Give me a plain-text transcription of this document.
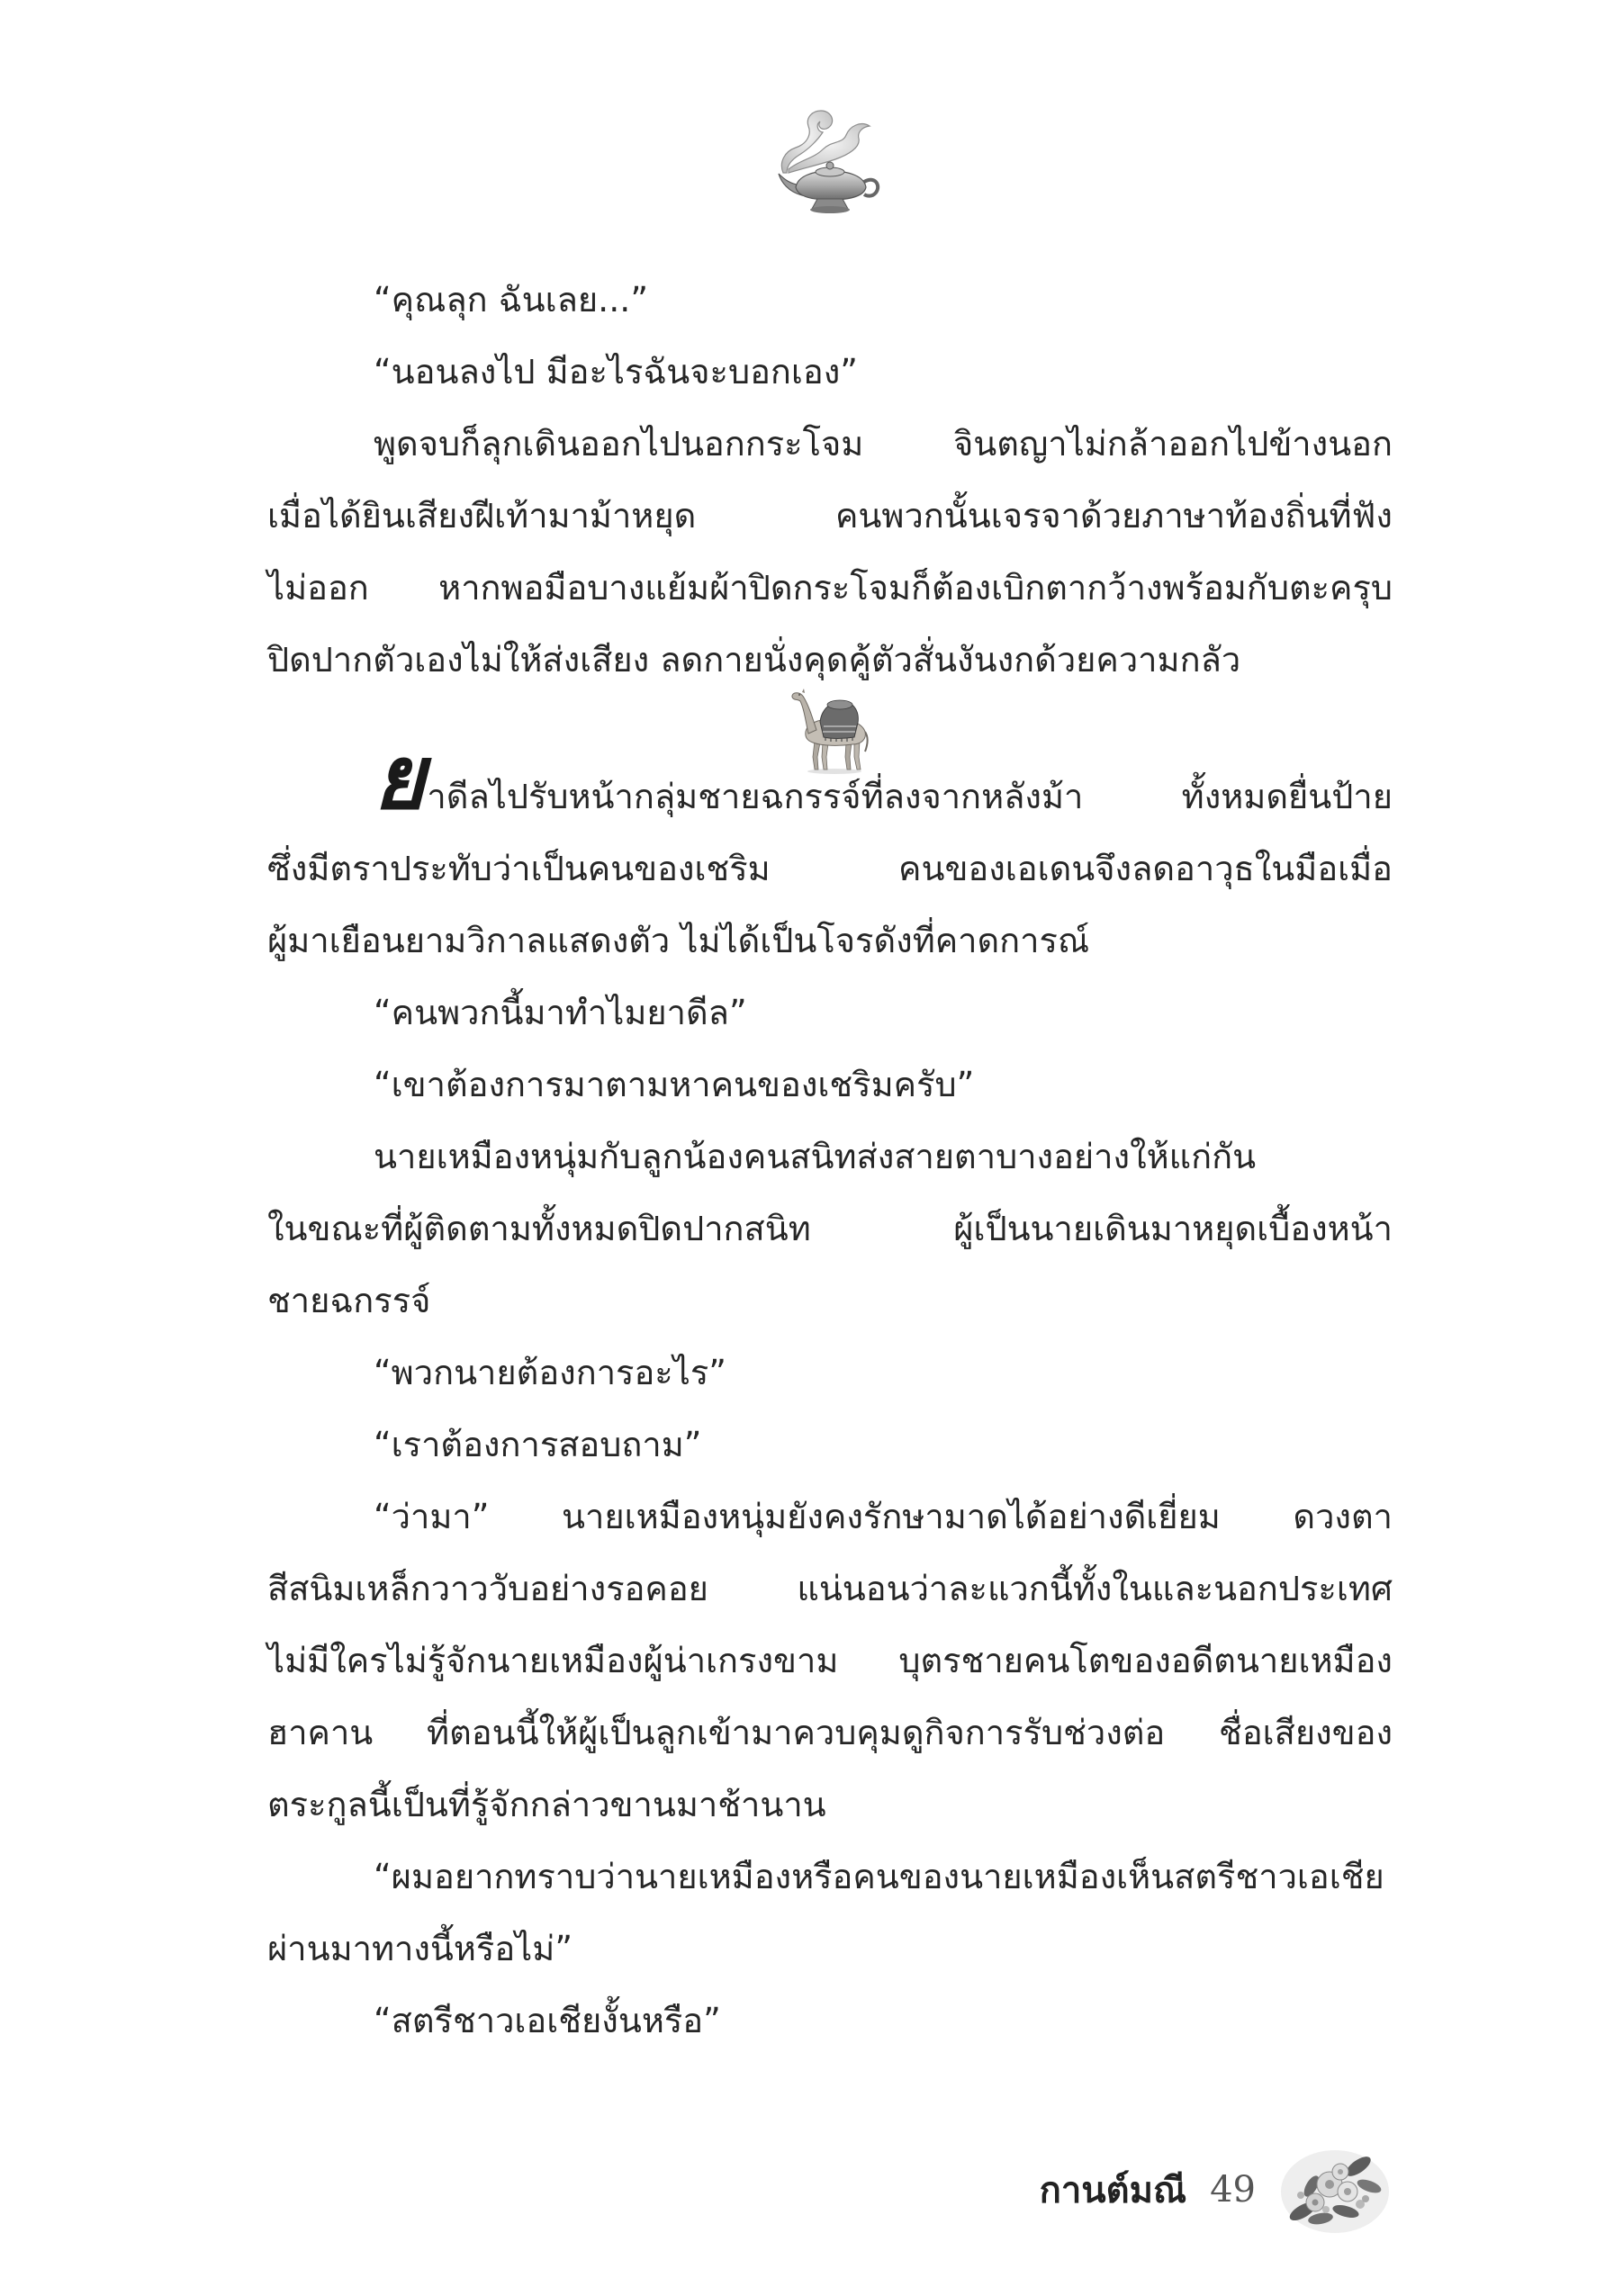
“คุณลุก ฉันเลย...”
“นอนลงไป มีอะไรฉันจะบอกเอง”
พูดจบก็ลุกเดินออกไปนอกกระโจม จินตญาไม่กล้าออกไปข้างนอก
เมื่อได้ยินเสียงฝีเท้ามาม้าหยุด คนพวกนั้นเจรจาด้วยภาษาท้องถิ่นที่ฟัง
ไม่ออก หากพอมือบางแย้มผ้าปิดกระโจมก็ต้องเบิกตากว้างพร้อมกับตะครุบ
ปิดปากตัวเองไม่ให้ส่งเสียง ลดกายนั่งคุดคู้ตัวสั่นงันงกด้วยความกลัว
ยาดีลไปรับหน้ากลุ่มชายฉกรรจ์ที่ลงจากหลังม้า ทั้งหมดยื่นป้าย
ซึ่งมีตราประทับว่าเป็นคนของเชริม คนของเอเดนจึงลดอาวุธในมือเมื่อ
ผู้มาเยือนยามวิกาลแสดงตัว ไม่ได้เป็นโจรดังที่คาดการณ์
“คนพวกนี้มาทำไมยาดีล”
“เขาต้องการมาตามหาคนของเชริมครับ”
นายเหมืองหนุ่มกับลูกน้องคนสนิทส่งสายตาบางอย่างให้แก่กัน
ในขณะที่ผู้ติดตามทั้งหมดปิดปากสนิท ผู้เป็นนายเดินมาหยุดเบื้องหน้า
ชายฉกรรจ์
“พวกนายต้องการอะไร”
“เราต้องการสอบถาม”
“ว่ามา” นายเหมืองหนุ่มยังคงรักษามาดได้อย่างดีเยี่ยม ดวงตา
สีสนิมเหล็กวาววับอย่างรอคอย แน่นอนว่าละแวกนี้ทั้งในและนอกประเทศ
ไม่มีใครไม่รู้จักนายเหมืองผู้น่าเกรงขาม บุตรชายคนโตของอดีตนายเหมือง
ฮาคาน ที่ตอนนี้ให้ผู้เป็นลูกเข้ามาควบคุมดูกิจการรับช่วงต่อ ชื่อเสียงของ
ตระกูลนี้เป็นที่รู้จักกล่าวขานมาช้านาน
“ผมอยากทราบว่านายเหมืองหรือคนของนายเหมืองเห็นสตรีชาวเอเชีย
ผ่านมาทางนี้หรือไม่”
“สตรีชาวเอเชียงั้นหรือ”
กานต์มณี 49
